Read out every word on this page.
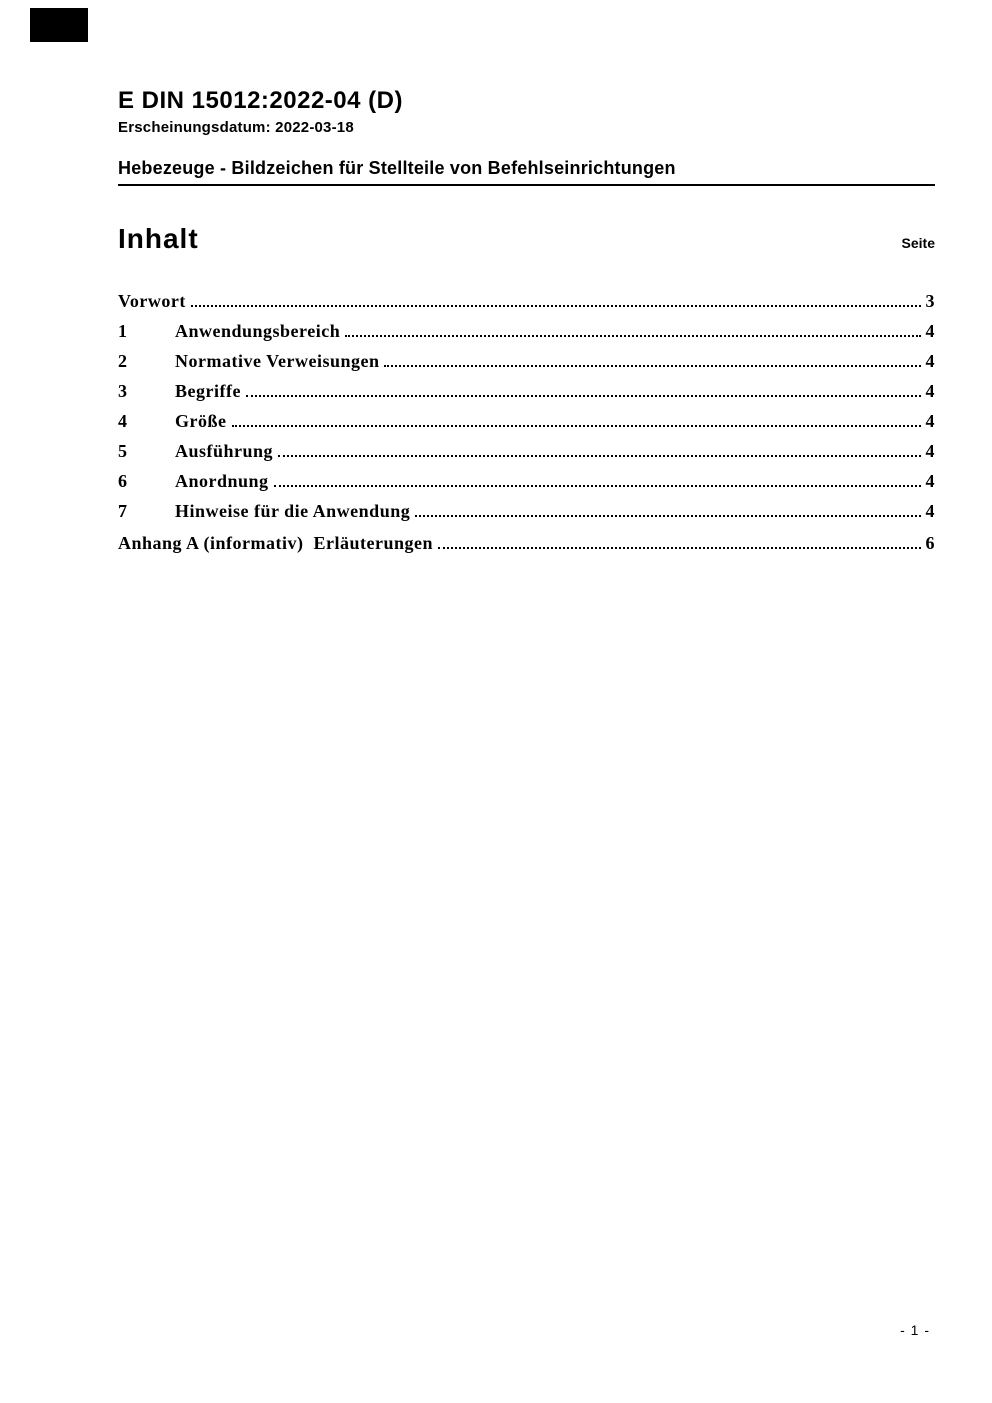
E DIN 15012:2022-04 (D)
Erscheinungsdatum: 2022-03-18
Hebezeuge - Bildzeichen für Stellteile von Befehlseinrichtungen
Inhalt	Seite
Vorwort	3
1	Anwendungsbereich	4
2	Normative Verweisungen	4
3	Begriffe	4
4	Größe	4
5	Ausführung	4
6	Anordnung	4
7	Hinweise für die Anwendung	4
Anhang A (informativ)  Erläuterungen	6
- 1 -
